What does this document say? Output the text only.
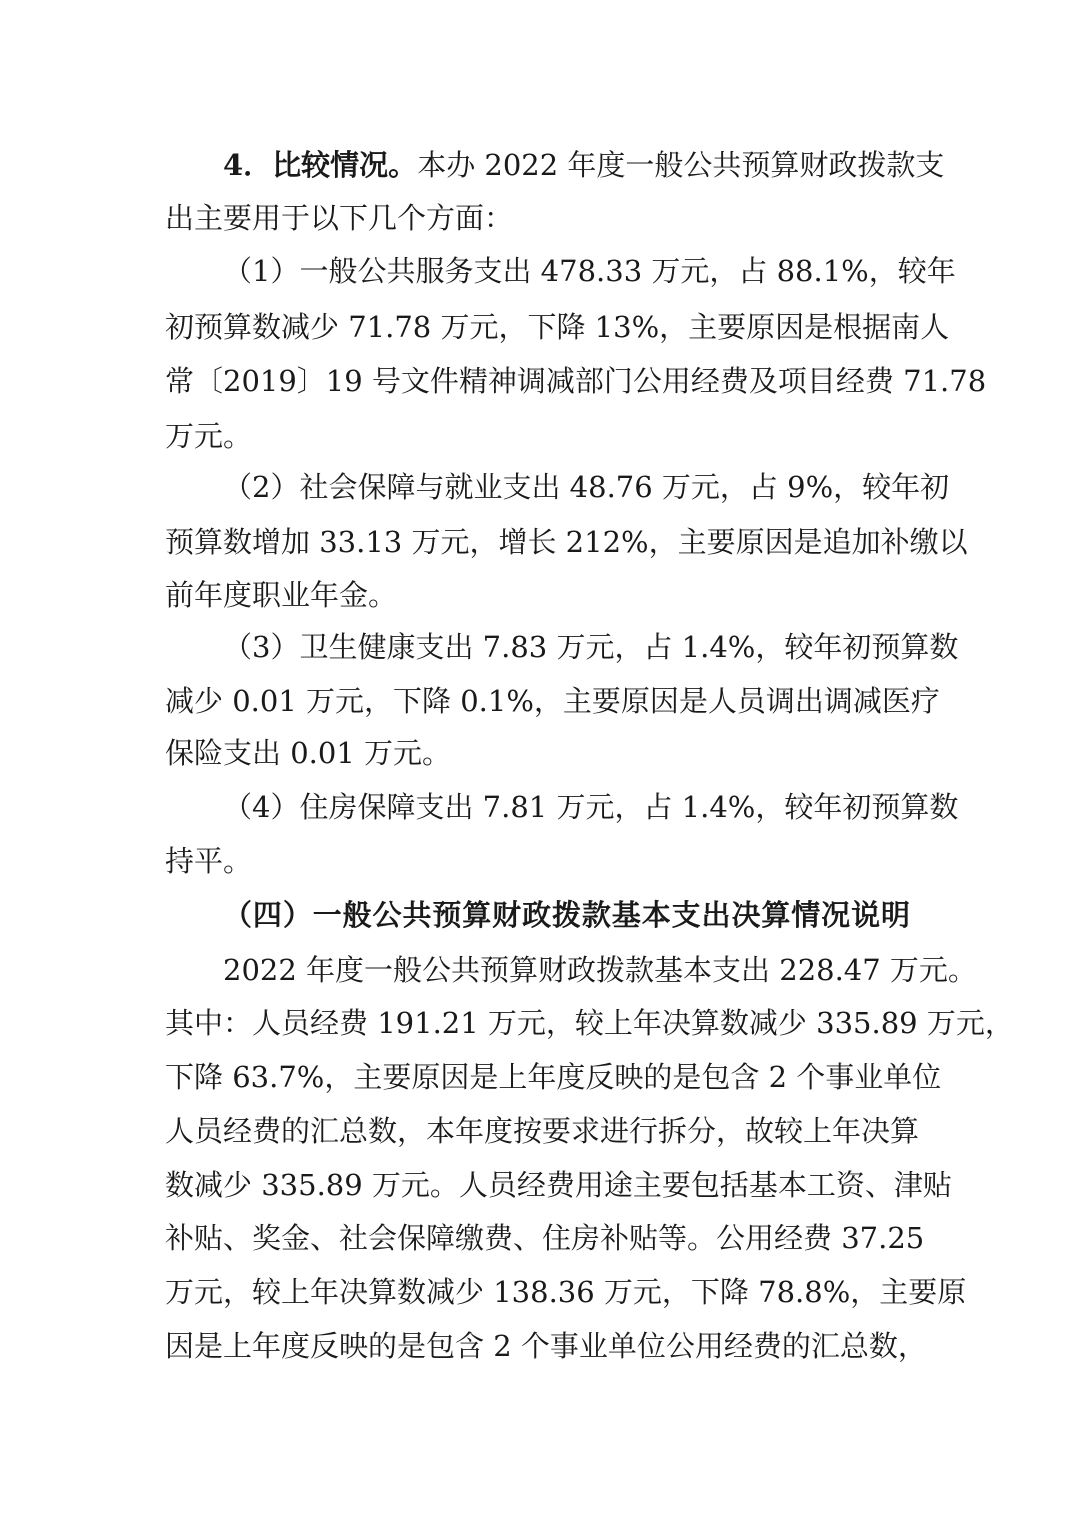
4．比较情况。本办 2022 年度一般公共预算财政拨款支
出主要用于以下几个方面：
（1）一般公共服务支出 478.33 万元，占 88.1%，较年
初预算数减少 71.78 万元，下降 13%，主要原因是根据南人
常〔2019〕19 号文件精神调减部门公用经费及项目经费 71.78
万元。
（2）社会保障与就业支出 48.76 万元，占 9%，较年初
预算数增加 33.13 万元，增长 212%，主要原因是追加补缴以
前年度职业年金。
（3）卫生健康支出 7.83 万元，占 1.4%，较年初预算数
减少 0.01 万元，下降 0.1%，主要原因是人员调出调减医疗
保险支出 0.01 万元。
（4）住房保障支出 7.81 万元，占 1.4%，较年初预算数
持平。
（四）一般公共预算财政拨款基本支出决算情况说明
2022 年度一般公共预算财政拨款基本支出 228.47 万元。
其中：人员经费 191.21 万元，较上年决算数减少 335.89 万元，
下降 63.7%，主要原因是上年度反映的是包含 2 个事业单位
人员经费的汇总数，本年度按要求进行拆分，故较上年决算
数减少 335.89 万元。人员经费用途主要包括基本工资、津贴
补贴、奖金、社会保障缴费、住房补贴等。公用经费 37.25
万元，较上年决算数减少 138.36 万元，下降 78.8%，主要原
因是上年度反映的是包含 2 个事业单位公用经费的汇总数，
